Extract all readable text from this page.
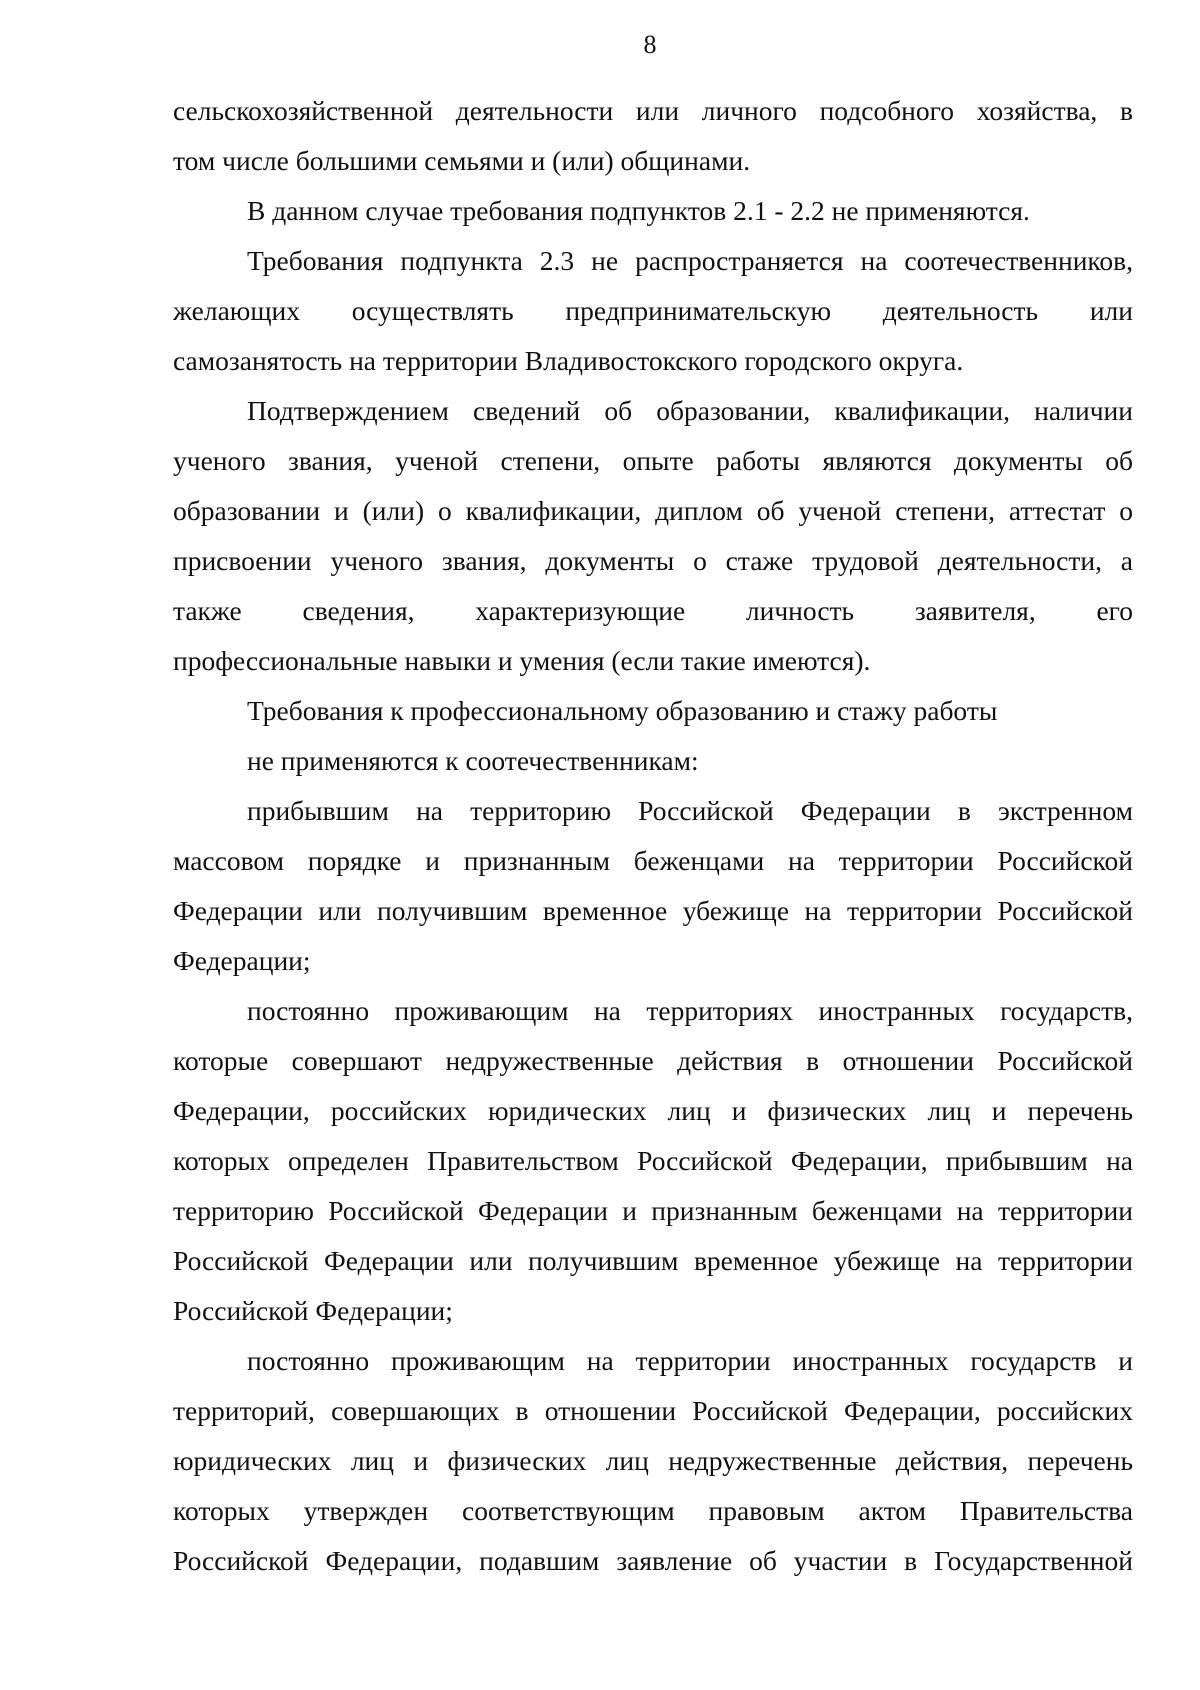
8
сельскохозяйственной деятельности или личного подсобного хозяйства, в
том числе большими семьями и (или) общинами.
В данном случае требования подпунктов 2.1 - 2.2 не применяются.
Требования подпункта 2.3 не распространяется на соотечественников,
желающих осуществлять предпринимательскую деятельность или
самозанятость на территории Владивостокского городского округа.
Подтверждением сведений об образовании, квалификации, наличии
ученого звания, ученой степени, опыте работы являются документы об
образовании и (или) о квалификации, диплом об ученой степени, аттестат о
присвоении ученого звания, документы о стаже трудовой деятельности, а
также сведения, характеризующие личность заявителя, его
профессиональные навыки и умения (если такие имеются).
Требования к профессиональному образованию и стажу работы
не применяются к соотечественникам:
прибывшим на территорию Российской Федерации в экстренном
массовом порядке и признанным беженцами на территории Российской
Федерации или получившим временное убежище на территории Российской
Федерации;
постоянно проживающим на территориях иностранных государств,
которые совершают недружественные действия в отношении Российской
Федерации, российских юридических лиц и физических лиц и перечень
которых определен Правительством Российской Федерации, прибывшим на
территорию Российской Федерации и признанным беженцами на территории
Российской Федерации или получившим временное убежище на территории
Российской Федерации;
постоянно проживающим на территории иностранных государств и
территорий, совершающих в отношении Российской Федерации, российских
юридических лиц и физических лиц недружественные действия, перечень
которых утвержден соответствующим правовым актом Правительства
Российской Федерации, подавшим заявление об участии в Государственной
